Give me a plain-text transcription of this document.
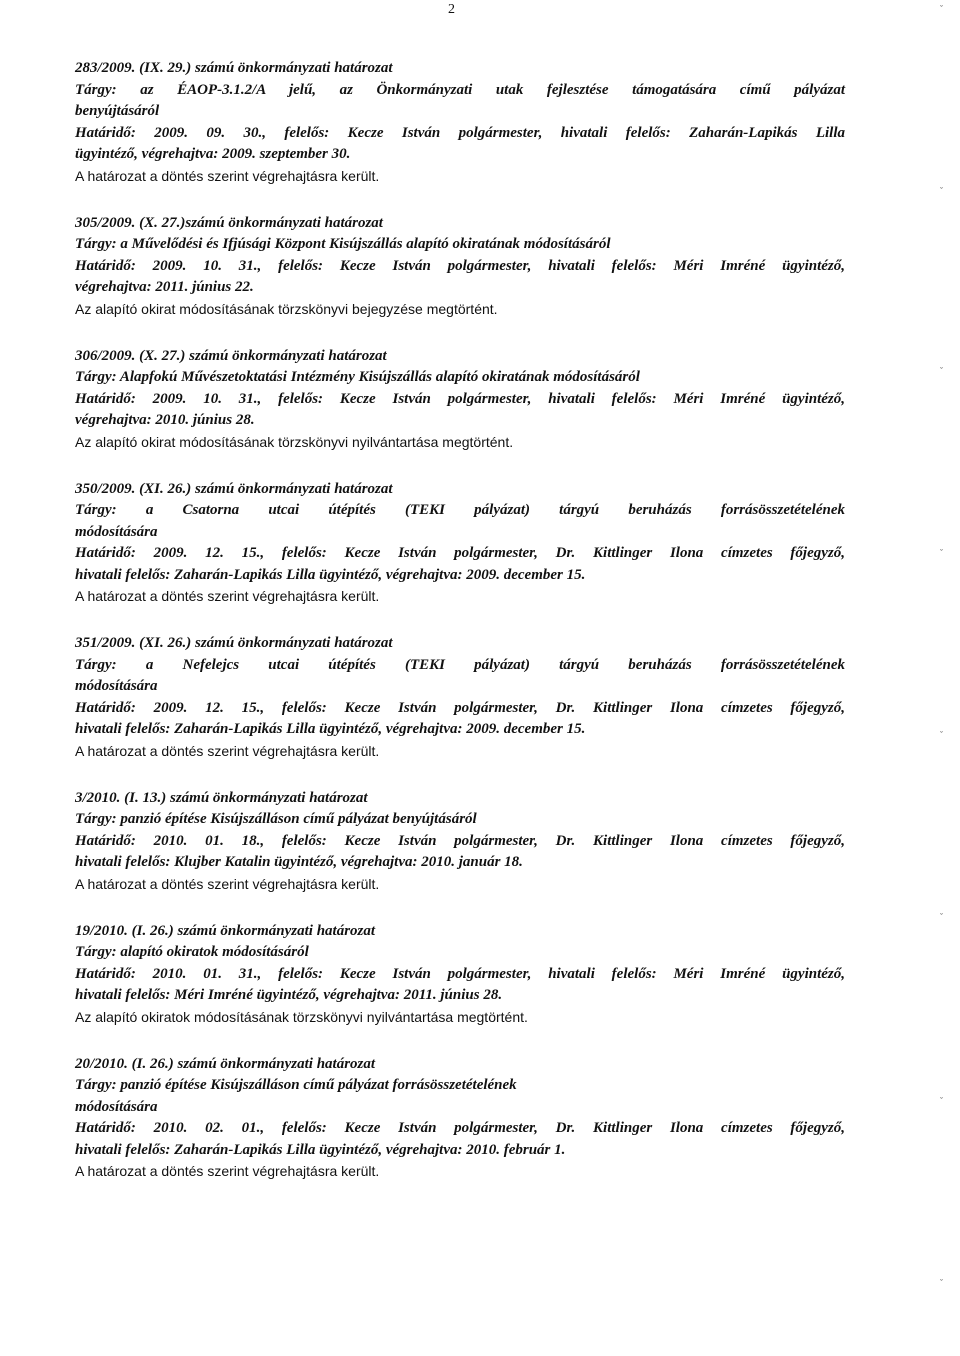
2	ˇ
ˇ
ˇ
ˇ
ˇ
ˇ
ˇ
ˇ
283/2009. (IX. 29.) számú önkormányzati határozat
Tárgy: az ÉAOP-3.1.2/A jelű, az Önkormányzati utak fejlesztése támogatására című pályázat
benyújtásáról
Határidő: 2009. 09. 30., felelős: Kecze István polgármester, hivatali felelős: Zaharán-Lapikás Lilla
ügyintéző, végrehajtva: 2009. szeptember 30.
A határozat a döntés szerint végrehajtásra került.
305/2009. (X. 27.)számú önkormányzati határozat
Tárgy: a Művelődési és Ifjúsági Központ Kisújszállás alapító okiratának módosításáról
Határidő: 2009. 10. 31., felelős: Kecze István polgármester, hivatali felelős: Méri Imréné ügyintéző,
végrehajtva: 2011. június 22.
Az alapító okirat módosításának törzskönyvi bejegyzése megtörtént.
306/2009. (X. 27.) számú önkormányzati határozat
Tárgy: Alapfokú Művészetoktatási Intézmény Kisújszállás alapító okiratának módosításáról
Határidő: 2009. 10. 31., felelős: Kecze István polgármester, hivatali felelős: Méri Imréné ügyintéző,
végrehajtva: 2010. június 28.
Az alapító okirat módosításának törzskönyvi nyilvántartása megtörtént.
350/2009. (XI. 26.) számú önkormányzati határozat
Tárgy: a Csatorna utcai útépítés (TEKI pályázat) tárgyú beruházás forrásösszetételének
módosítására
Határidő: 2009. 12. 15., felelős: Kecze István polgármester, Dr. Kittlinger Ilona címzetes főjegyző,
hivatali felelős: Zaharán-Lapikás Lilla ügyintéző, végrehajtva: 2009. december 15.
A határozat a döntés szerint végrehajtásra került.
351/2009. (XI. 26.) számú önkormányzati határozat
Tárgy: a Nefelejcs utcai útépítés (TEKI pályázat) tárgyú beruházás forrásösszetételének
módosítására
Határidő: 2009. 12. 15., felelős: Kecze István polgármester, Dr. Kittlinger Ilona címzetes főjegyző,
hivatali felelős: Zaharán-Lapikás Lilla ügyintéző, végrehajtva: 2009. december 15.
A határozat a döntés szerint végrehajtásra került.
3/2010. (I. 13.) számú önkormányzati határozat
Tárgy: panzió építése Kisújszálláson című pályázat benyújtásáról
Határidő: 2010. 01. 18., felelős: Kecze István polgármester, Dr. Kittlinger Ilona címzetes főjegyző,
hivatali felelős: Klujber Katalin ügyintéző, végrehajtva: 2010. január 18.
A határozat a döntés szerint végrehajtásra került.
19/2010. (I. 26.) számú önkormányzati határozat
Tárgy: alapító okiratok módosításáról
Határidő: 2010. 01. 31., felelős: Kecze István polgármester, hivatali felelős: Méri Imréné ügyintéző,
hivatali felelős: Méri Imréné ügyintéző, végrehajtva: 2011. június 28.
Az alapító okiratok módosításának törzskönyvi nyilvántartása megtörtént.
20/2010. (I. 26.) számú önkormányzati határozat
Tárgy: panzió építése Kisújszálláson című pályázat forrásösszetételének
módosítására
Határidő: 2010. 02. 01., felelős: Kecze István polgármester, Dr. Kittlinger Ilona címzetes főjegyző,
hivatali felelős: Zaharán-Lapikás Lilla ügyintéző, végrehajtva: 2010. február 1.
A határozat a döntés szerint végrehajtásra került.
